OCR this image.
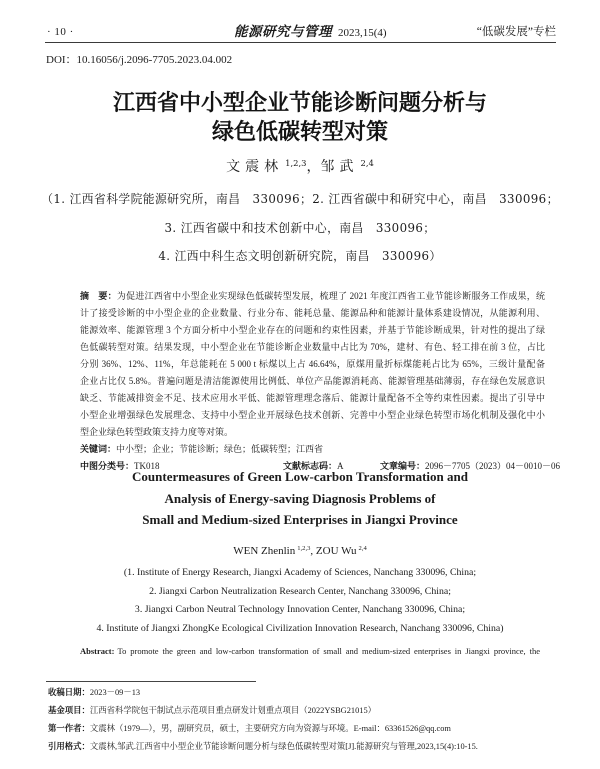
· 10 ·	能源研究与管理 2023,15(4)	“低碳发展”专栏
DOI：10.16056/j.2096-7705.2023.04.002
江西省中小型企业节能诊断问题分析与
绿色低碳转型对策
文震林 $^{1,2,3}$，邹武 $^{2,4}$
（1. 江西省科学院能源研究所，南昌　330096；2. 江西省碳中和研究中心，南昌　330096；
3. 江西省碳中和技术创新中心，南昌　330096；
4. 江西中科生态文明创新研究院，南昌　330096）
摘　要：为促进江西省中小型企业实现绿色低碳转型发展，梳理了 2021 年度江西省工业节能诊断服务工作成果，统
计了接受诊断的中小型企业的企业数量、行业分布、能耗总量、能源品种和能源计量体系建设情况，从能源利用、
能源效率、能源管理 3 个方面分析中小型企业存在的问题和约束性因素，并基于节能诊断成果，针对性的提出了绿
色低碳转型对策。结果发现，中小型企业在节能诊断企业数量中占比为 70%，建材、有色、轻工排在前 3 位，占比
分别 36%、12%、11%，年总能耗在 5 000 t 标煤以上占 46.64%，原煤用量折标煤能耗占比为 65%，三级计量配备
企业占比仅 5.8%。普遍问题是清洁能源使用比例低、单位产品能源消耗高、能源管理基础薄弱，存在绿色发展意识
缺乏、节能减排资金不足、技术应用水平低、能源管理理念落后、能源计量配备不全等约束性因素。提出了引导中
小型企业增强绿色发展理念、支持中小型企业开展绿色技术创新、完善中小型企业绿色转型市场化机制及强化中小
型企业绿色转型政策支持力度等对策。
关键词：中小型；企业；节能诊断；绿色；低碳转型；江西省
中图分类号：TK018	文献标志码：A	文章编号：2096－7705（2023）04－0010－06
Countermeasures of Green Low-carbon Transformation and
Analysis of Energy-saving Diagnosis Problems of
Small and Medium-sized Enterprises in Jiangxi Province
WEN Zhenlin $^{1,2,3}$, ZOU Wu $^{2,4}$
(1. Institute of Energy Research, Jiangxi Academy of Sciences, Nanchang 330096, China;
2. Jiangxi Carbon Neutralization Research Center, Nanchang 330096, China;
3. Jiangxi Carbon Neutral Technology Innovation Center, Nanchang 330096, China;
4. Institute of Jiangxi ZhongKe Ecological Civilization Innovation Research, Nanchang 330096, China)
Abstract: To promote the green and low-carbon transformation of small and medium-sized enterprises in Jiangxi province, the
收稿日期：2023－09－13
基金项目：江西省科学院包干制试点示范项目重点研发计划重点项目（2022YSBG21015）
第一作者：文震林（1979—），男，副研究员，硕士，主要研究方向为资源与环境。E-mail：63361526@qq.com
引用格式：文震林,邹武.江西省中小型企业节能诊断问题分析与绿色低碳转型对策[J].能源研究与管理,2023,15(4):10-15.
